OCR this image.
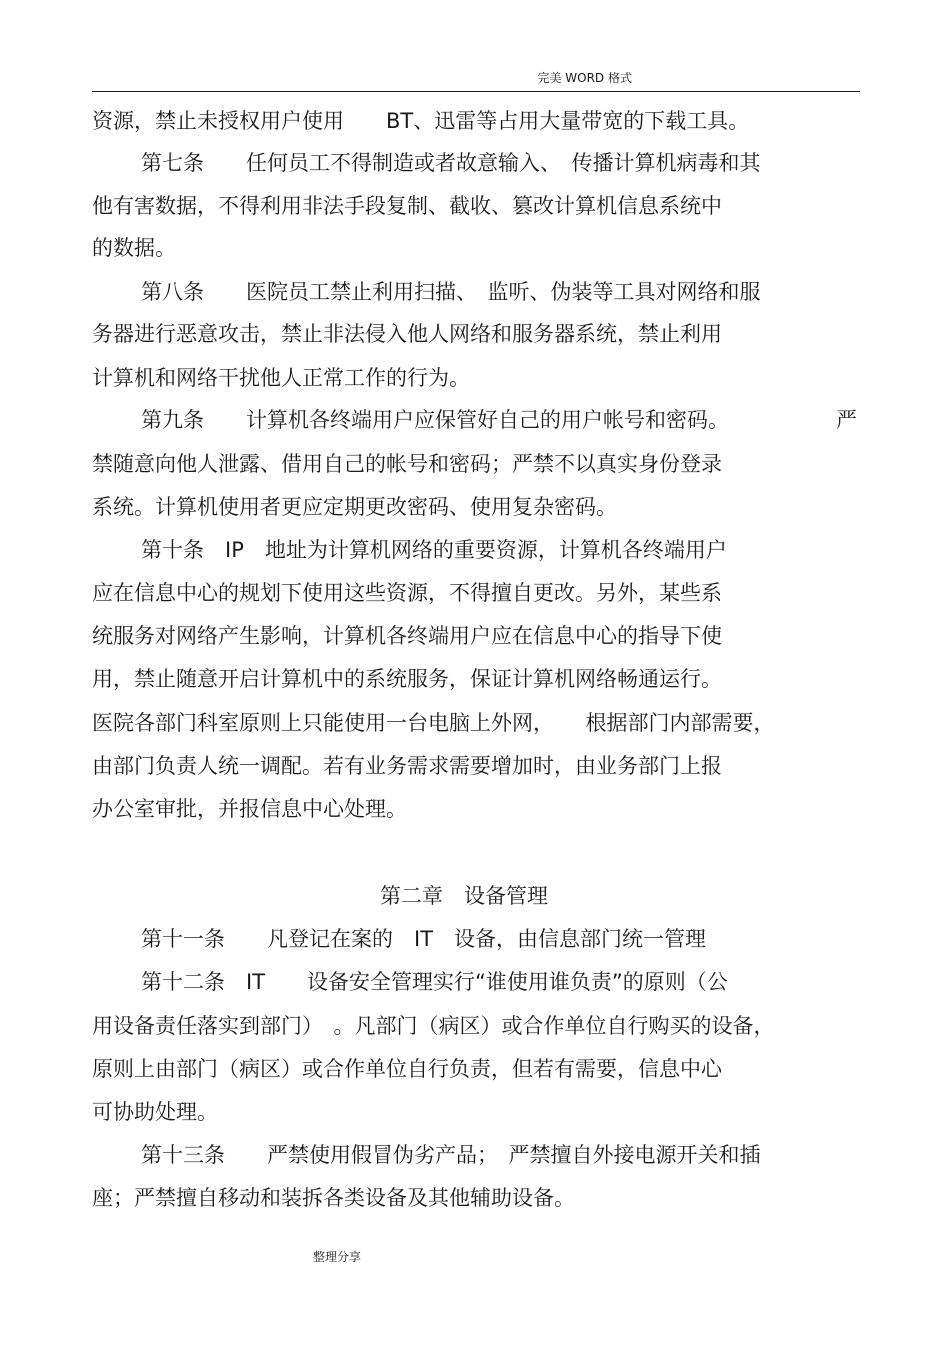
完美 WORD 格式
资源，禁止未授权用户使用　　BT、迅雷等占用大量带宽的下载工具。
第七条　　任何员工不得制造或者故意输入、　传播计算机病毒和其
他有害数据，不得利用非法手段复制、截收、篡改计算机信息系统中
的数据。
第八条　　医院员工禁止利用扫描、　监听、伪装等工具对网络和服
务器进行恶意攻击，禁止非法侵入他人网络和服务器系统，禁止利用
计算机和网络干扰他人正常工作的行为。
第九条　　计算机各终端用户应保管好自己的用户帐号和密码。	严
禁随意向他人泄露、借用自己的帐号和密码；严禁不以真实身份登录
系统。计算机使用者更应定期更改密码、使用复杂密码。
第十条　IP　地址为计算机网络的重要资源，计算机各终端用户
应在信息中心的规划下使用这些资源，不得擅自更改。另外，某些系
统服务对网络产生影响，计算机各终端用户应在信息中心的指导下使
用，禁止随意开启计算机中的系统服务，保证计算机网络畅通运行。
医院各部门科室原则上只能使用一台电脑上外网，　　根据部门内部需要，
由部门负责人统一调配。若有业务需求需要增加时，由业务部门上报
办公室审批，并报信息中心处理。
第二章　设备管理
第十一条　　凡登记在案的　IT　设备，由信息部门统一管理
第十二条　IT　　设备安全管理实行“谁使用谁负责”的原则（公
用设备责任落实到部门）　。凡部门（病区）或合作单位自行购买的设备，
原则上由部门（病区）或合作单位自行负责，但若有需要，信息中心
可协助处理。
第十三条　　严禁使用假冒伪劣产品；　严禁擅自外接电源开关和插
座；严禁擅自移动和装拆各类设备及其他辅助设备。
整理分享
